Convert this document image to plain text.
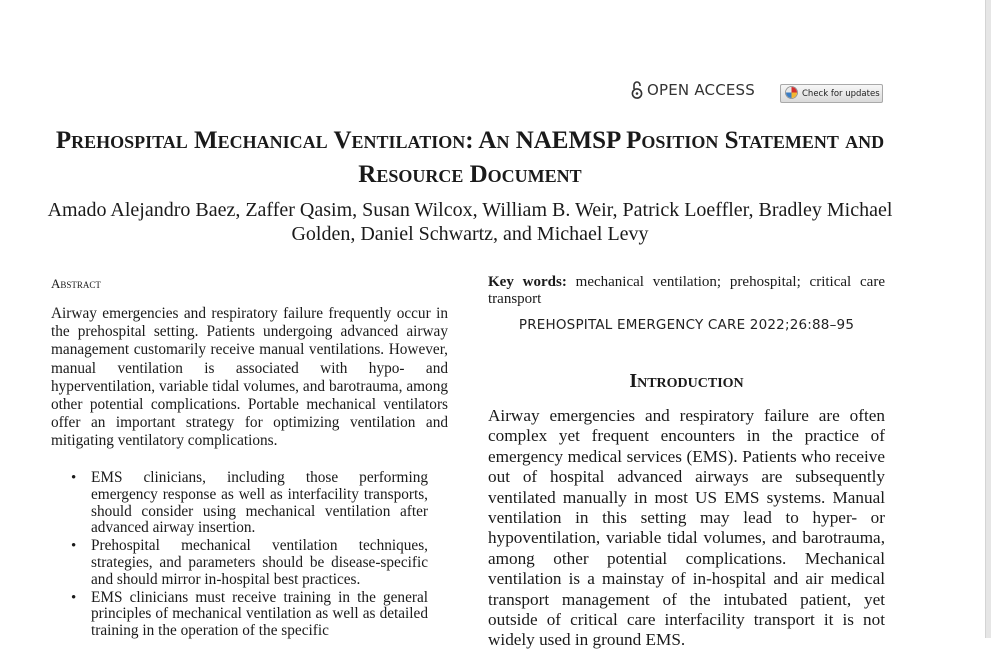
OPEN ACCESS	Check for updates
Prehospital Mechanical Ventilation: An NAEMSP Position Statement and Resource Document

Amado Alejandro Baez, Zaffer Qasim, Susan Wilcox, William B. Weir, Patrick Loeffler, Bradley Michael Golden, Daniel Schwartz, and Michael Levy

Abstract

Airway emergencies and respiratory failure frequently occur in the prehospital setting. Patients undergoing advanced airway management customarily receive manual ventilations. However, manual ventilation is associated with hypo- and hyperventilation, variable tidal volumes, and barotrauma, among other potential complications. Portable mechanical ventilators offer an important strategy for optimizing ventilation and mitigating ventilatory complications.

• EMS clinicians, including those performing emergency response as well as interfacility transports, should consider using mechanical ventilation after advanced airway insertion.
• Prehospital mechanical ventilation techniques, strategies, and parameters should be disease-specific and should mirror in-hospital best practices.
• EMS clinicians must receive training in the general principles of mechanical ventilation as well as detailed training in the operation of the specific

Key words: mechanical ventilation; prehospital; critical care transport

PREHOSPITAL EMERGENCY CARE 2022;26:88–95
Introduction

Airway emergencies and respiratory failure are often complex yet frequent encounters in the practice of emergency medical services (EMS). Patients who receive out of hospital advanced airways are subsequently ventilated manually in most US EMS systems. Manual ventilation in this setting may lead to hyper- or hypoventilation, variable tidal volumes, and barotrauma, among other potential complications. Mechanical ventilation is a mainstay of in-hospital and air medical transport management of the intubated patient, yet outside of critical care interfacility transport it is not widely used in ground EMS.
